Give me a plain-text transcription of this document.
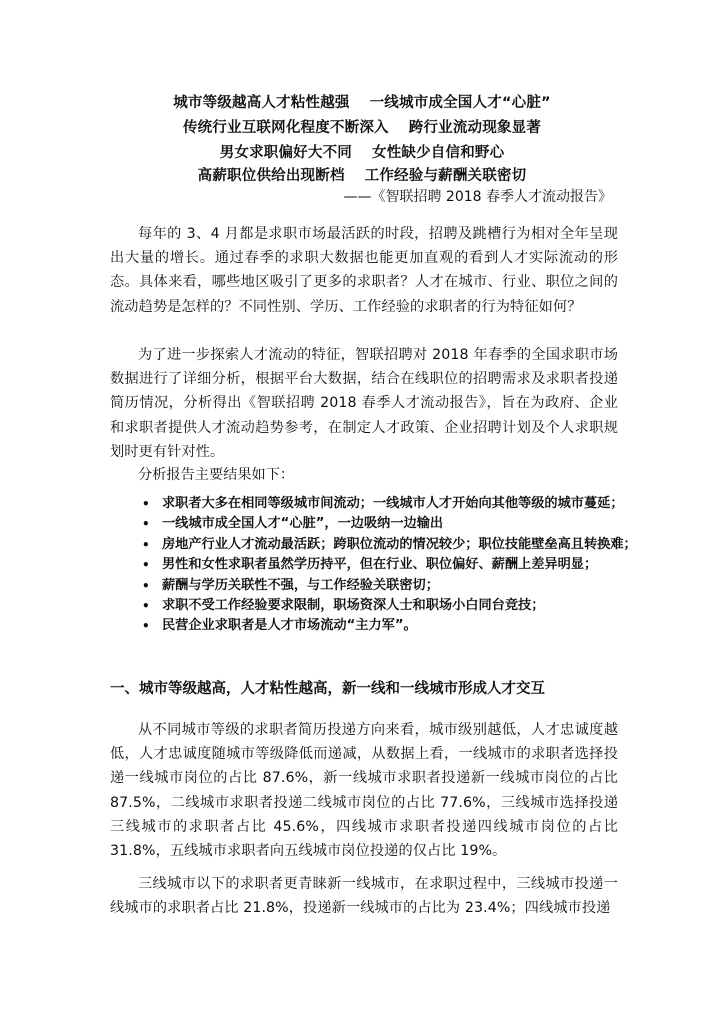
城市等级越高人才粘性越强 一线城市成全国人才“心脏”
传统行业互联网化程度不断深入 跨行业流动现象显著
男女求职偏好大不同 女性缺少自信和野心
高薪职位供给出现断档 工作经验与薪酬关联密切
——《智联招聘 2018 春季人才流动报告》

每年的 3、4 月都是求职市场最活跃的时段，招聘及跳槽行为相对全年呈现出大量的增长。通过春季的求职大数据也能更加直观的看到人才实际流动的形态。具体来看，哪些地区吸引了更多的求职者？人才在城市、行业、职位之间的流动趋势是怎样的？不同性别、学历、工作经验的求职者的行为特征如何？

为了进一步探索人才流动的特征，智联招聘对 2018 年春季的全国求职市场数据进行了详细分析，根据平台大数据，结合在线职位的招聘需求及求职者投递简历情况，分析得出《智联招聘 2018 春季人才流动报告》，旨在为政府、企业和求职者提供人才流动趋势参考，在制定人才政策、企业招聘计划及个人求职规划时更有针对性。

分析报告主要结果如下：
• 求职者大多在相同等级城市间流动；一线城市人才开始向其他等级的城市蔓延；
• 一线城市成全国人才“心脏”，一边吸纳一边输出
• 房地产行业人才流动最活跃；跨职位流动的情况较少；职位技能壁垒高且转换难；
• 男性和女性求职者虽然学历持平，但在行业、职位偏好、薪酬上差异明显；
• 薪酬与学历关联性不强，与工作经验关联密切；
• 求职不受工作经验要求限制，职场资深人士和职场小白同台竞技；
• 民营企业求职者是人才市场流动“主力军”。
一、城市等级越高，人才粘性越高，新一线和一线城市形成人才交互

从不同城市等级的求职者简历投递方向来看，城市级别越低，人才忠诚度越低，人才忠诚度随城市等级降低而递减，从数据上看，一线城市的求职者选择投递一线城市岗位的占比 87.6%，新一线城市求职者投递新一线城市岗位的占比 87.5%，二线城市求职者投递二线城市岗位的占比 77.6%，三线城市选择投递三线城市的求职者占比 45.6%，四线城市求职者投递四线城市岗位的占比 31.8%，五线城市求职者向五线城市岗位投递的仅占比 19%。

三线城市以下的求职者更青睐新一线城市，在求职过程中，三线城市投递一线城市的求职者占比 21.8%，投递新一线城市的占比为 23.4%；四线城市投递
